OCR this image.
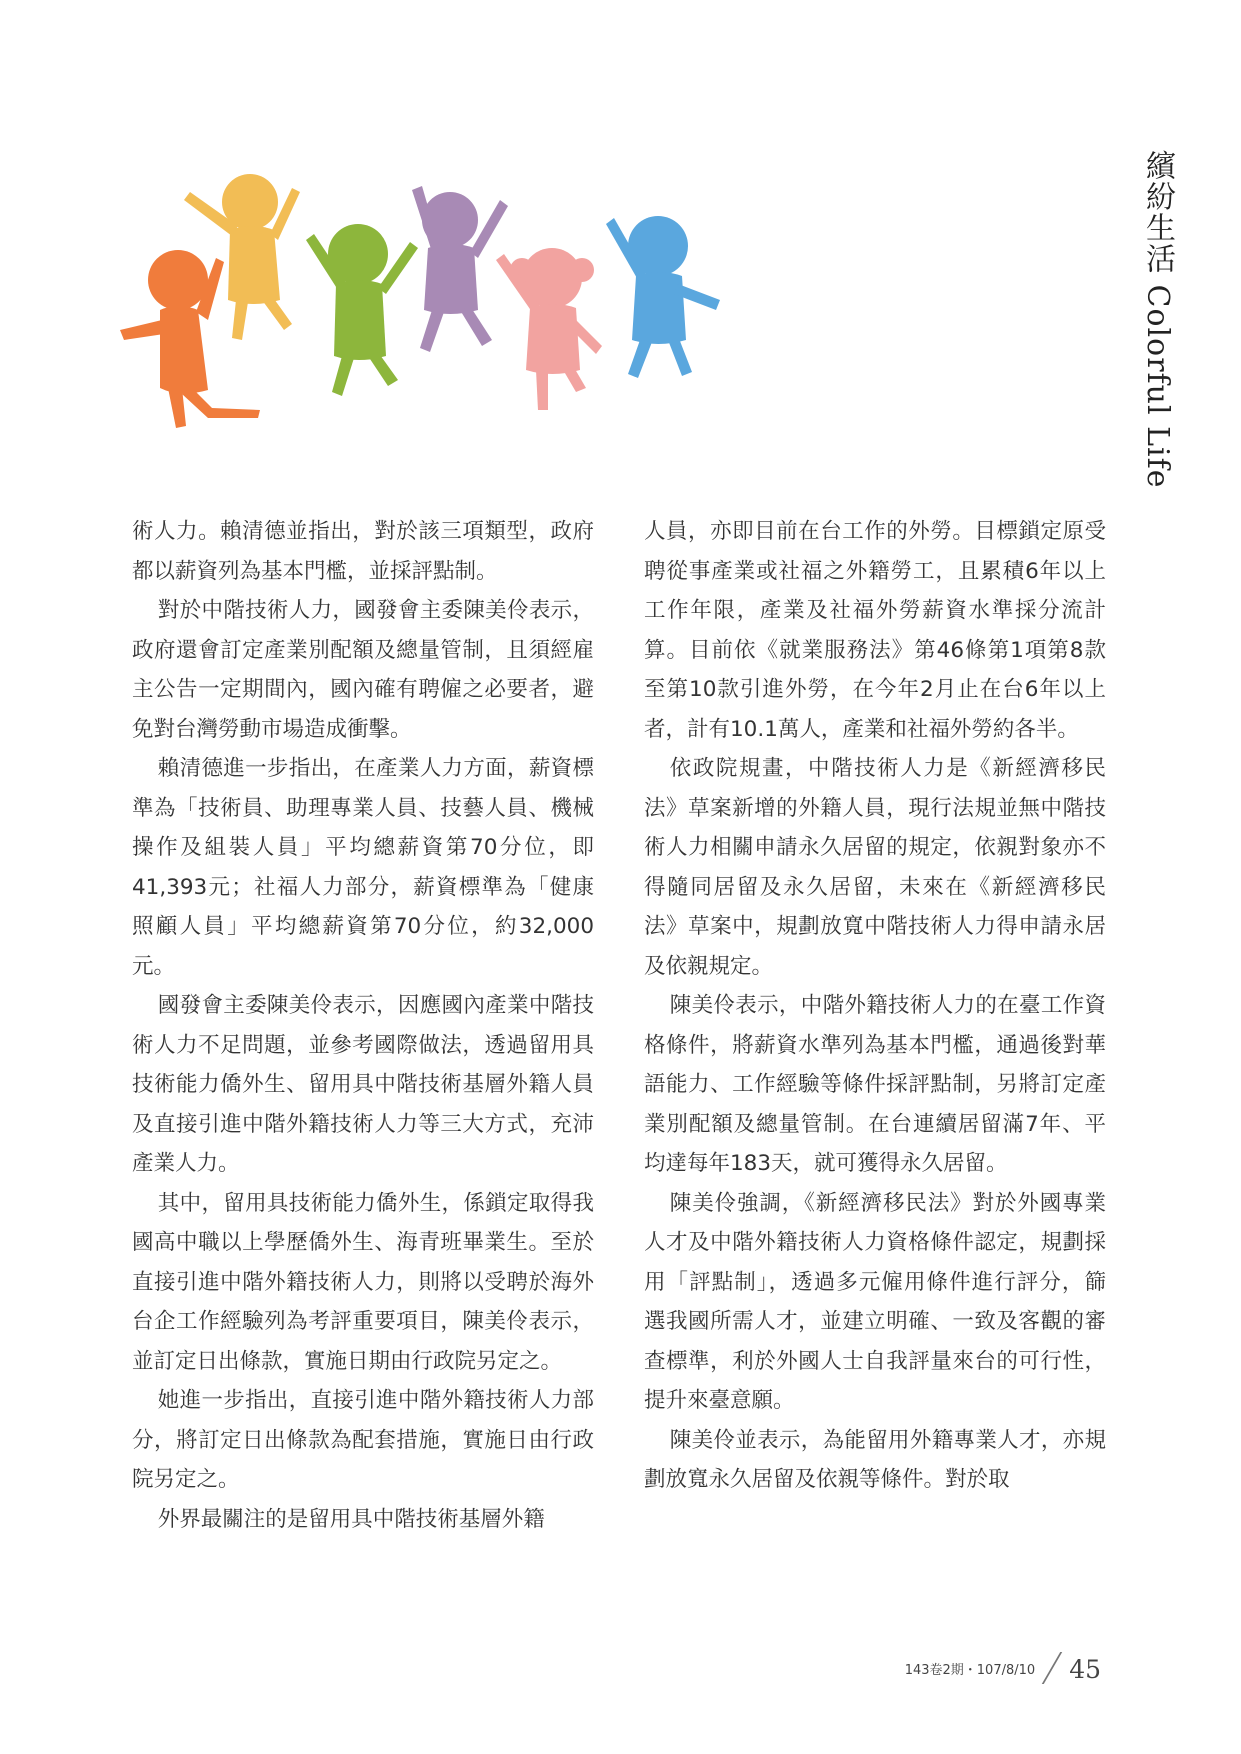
繽紛生活 Colorful Life

術人力。賴清德並指出，對於該三項類型，政府都以薪資列為基本門檻，並採評點制。

對於中階技術人力，國發會主委陳美伶表示，政府還會訂定產業別配額及總量管制，且須經雇主公告一定期間內，國內確有聘僱之必要者，避免對台灣勞動市場造成衝擊。

賴清德進一步指出，在產業人力方面，薪資標準為「技術員、助理專業人員、技藝人員、機械操作及組裝人員」平均總薪資第70分位，即41,393元；社福人力部分，薪資標準為「健康照顧人員」平均總薪資第70分位，約32,000元。

國發會主委陳美伶表示，因應國內產業中階技術人力不足問題，並參考國際做法，透過留用具技術能力僑外生、留用具中階技術基層外籍人員及直接引進中階外籍技術人力等三大方式，充沛產業人力。

其中，留用具技術能力僑外生，係鎖定取得我國高中職以上學歷僑外生、海青班畢業生。至於直接引進中階外籍技術人力，則將以受聘於海外台企工作經驗列為考評重要項目，陳美伶表示，並訂定日出條款，實施日期由行政院另定之。

她進一步指出，直接引進中階外籍技術人力部分，將訂定日出條款為配套措施，實施日由行政院另定之。

外界最關注的是留用具中階技術基層外籍

人員，亦即目前在台工作的外勞。目標鎖定原受聘從事產業或社福之外籍勞工，且累積6年以上工作年限，產業及社福外勞薪資水準採分流計算。目前依《就業服務法》第46條第1項第8款至第10款引進外勞，在今年2月止在台6年以上者，計有10.1萬人，產業和社福外勞約各半。

依政院規畫，中階技術人力是《新經濟移民法》草案新增的外籍人員，現行法規並無中階技術人力相關申請永久居留的規定，依親對象亦不得隨同居留及永久居留，未來在《新經濟移民法》草案中，規劃放寬中階技術人力得申請永居及依親規定。

陳美伶表示，中階外籍技術人力的在臺工作資格條件，將薪資水準列為基本門檻，通過後對華語能力、工作經驗等條件採評點制，另將訂定產業別配額及總量管制。在台連續居留滿7年、平均達每年183天，就可獲得永久居留。

陳美伶強調，《新經濟移民法》對於外國專業人才及中階外籍技術人力資格條件認定，規劃採用「評點制」，透過多元僱用條件進行評分，篩選我國所需人才，並建立明確、一致及客觀的審查標準，利於外國人士自我評量來台的可行性，提升來臺意願。

陳美伶並表示，為能留用外籍專業人才，亦規劃放寬永久居留及依親等條件。對於取

143卷2期・107/8/10 45
